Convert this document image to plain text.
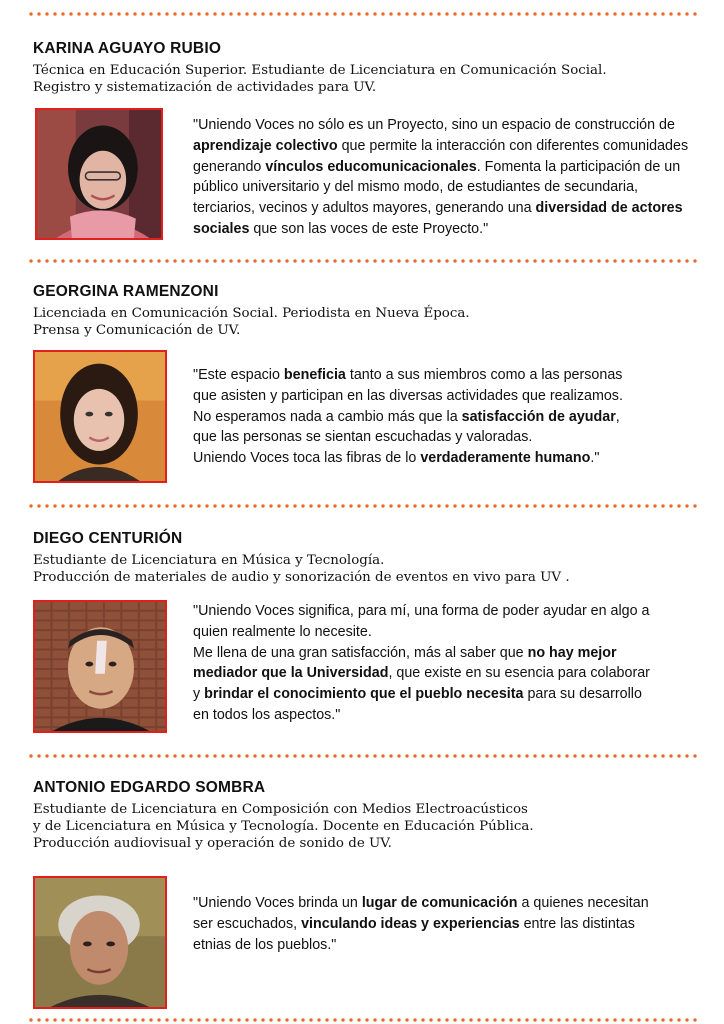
KARINA AGUAYO RUBIO
Técnica en Educación Superior. Estudiante de Licenciatura en Comunicación Social.
Registro y sistematización de actividades para UV.
"Uniendo Voces no sólo es un Proyecto, sino un espacio de construcción de
aprendizaje colectivo que permite la interacción con diferentes comunidades
generando vínculos educomunicacionales. Fomenta la participación de un
público universitario y del mismo modo, de estudiantes de secundaria,
terciarios, vecinos y adultos mayores, generando una diversidad de actores
sociales que son las voces de este Proyecto."
GEORGINA RAMENZONI
Licenciada en Comunicación Social. Periodista en Nueva Época.
Prensa y Comunicación de UV.
"Este espacio beneficia tanto a sus miembros como a las personas
que asisten y participan en las diversas actividades que realizamos.
No esperamos nada a cambio más que la satisfacción de ayudar,
que las personas se sientan escuchadas y valoradas.
Uniendo Voces toca las fibras de lo verdaderamente humano."
DIEGO CENTURIÓN
Estudiante de Licenciatura en Música y Tecnología.
Producción de materiales de audio y sonorización de eventos en vivo para UV .
"Uniendo Voces significa, para mí, una forma de poder ayudar en algo a
quien realmente lo necesite.
Me llena de una gran satisfacción, más al saber que no hay mejor
mediador que la Universidad, que existe en su esencia para colaborar
y brindar el conocimiento que el pueblo necesita para su desarrollo
en todos los aspectos."
ANTONIO EDGARDO SOMBRA
Estudiante de Licenciatura en Composición con Medios Electroacústicos
y de Licenciatura en Música y Tecnología. Docente en Educación Pública.
Producción audiovisual y operación de sonido de UV.
"Uniendo Voces brinda un lugar de comunicación a quienes necesitan
ser escuchados, vinculando ideas y experiencias entre las distintas
etnias de los pueblos."
